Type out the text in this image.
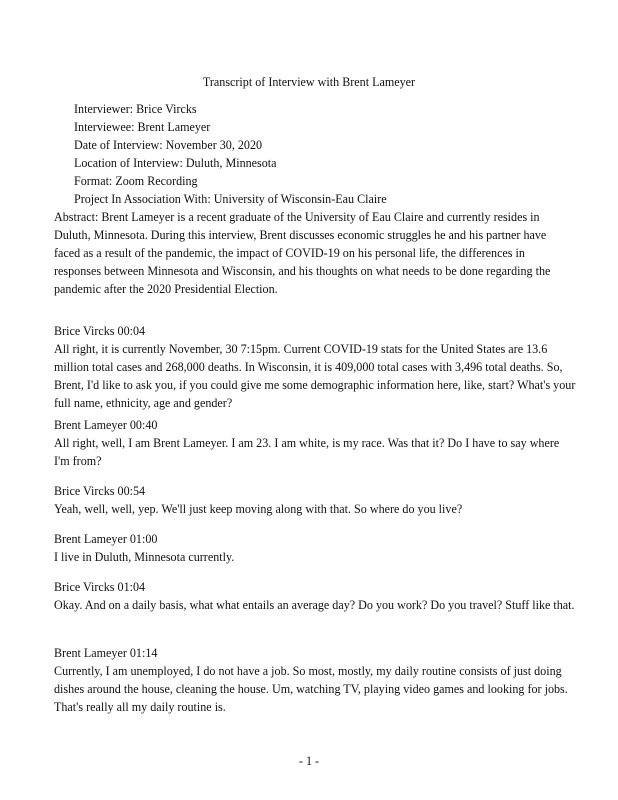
Transcript of Interview with Brent Lameyer
Interviewer: Brice Vircks
Interviewee: Brent Lameyer
Date of Interview: November 30, 2020
Location of Interview: Duluth, Minnesota
Format: Zoom Recording
Project In Association With: University of Wisconsin-Eau Claire

Abstract: Brent Lameyer is a recent graduate of the University of Eau Claire and currently resides in Duluth, Minnesota. During this interview, Brent discusses economic struggles he and his partner have faced as a result of the pandemic, the impact of COVID-19 on his personal life, the differences in responses between Minnesota and Wisconsin, and his thoughts on what needs to be done regarding the pandemic after the 2020 Presidential Election.

Brice Vircks 00:04

All right, it is currently November, 30 7:15pm. Current COVID-19 stats for the United States are 13.6 million total cases and 268,000 deaths. In Wisconsin, it is 409,000 total cases with 3,496 total deaths. So, Brent, I'd like to ask you, if you could give me some demographic information here, like, start? What's your full name, ethnicity, age and gender?

Brent Lameyer 00:40

All right, well, I am Brent Lameyer. I am 23. I am white, is my race. Was that it? Do I have to say where I'm from?

Brice Vircks 00:54

Yeah, well, well, yep. We'll just keep moving along with that. So where do you live?

Brent Lameyer 01:00

I live in Duluth, Minnesota currently.

Brice Vircks 01:04

Okay. And on a daily basis, what what entails an average day? Do you work? Do you travel? Stuff like that.

Brent Lameyer 01:14

Currently, I am unemployed, I do not have a job. So most, mostly, my daily routine consists of just doing dishes around the house, cleaning the house. Um, watching TV, playing video games and looking for jobs. That's really all my daily routine is.

- 1 -
